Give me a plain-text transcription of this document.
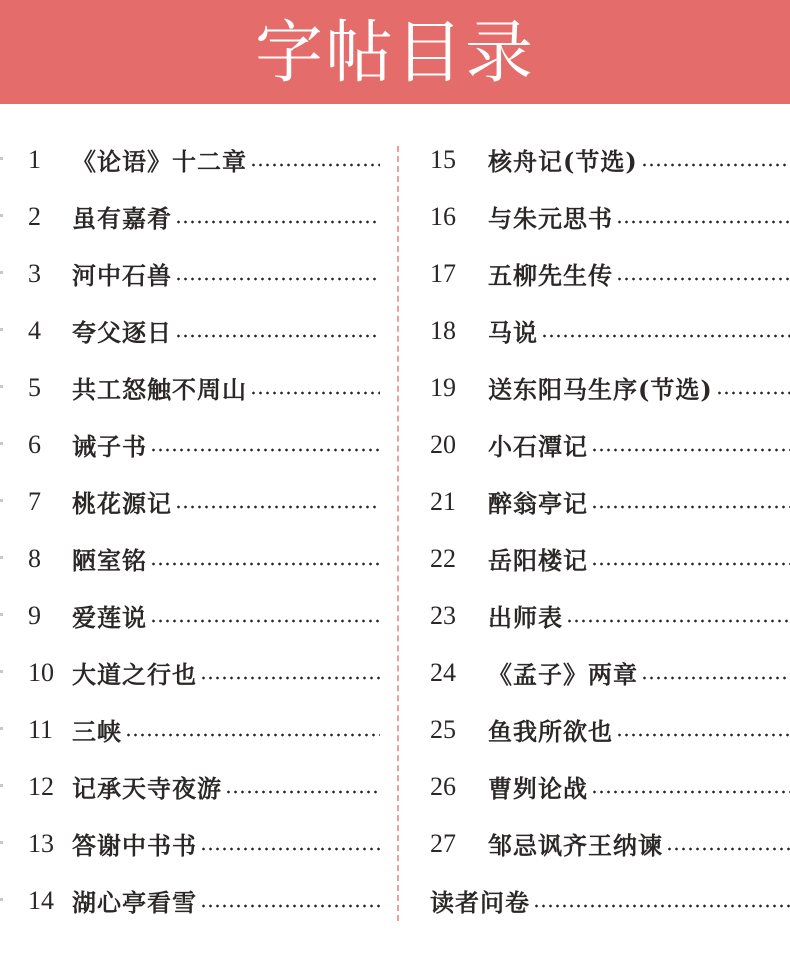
字帖目录
1	《论语》十二章
2	虽有嘉肴
3	河中石兽
4	夸父逐日
5	共工怒触不周山
6	诫子书
7	桃花源记
8	陋室铭
9	爱莲说
10 大道之行也
11 三峡
12 记承天寺夜游
13 答谢中书书
14 湖心亭看雪
15	核舟记(节选)
16	与朱元思书
17	五柳先生传
18	马说
19	送东阳马生序(节选)
20	小石潭记
21	醉翁亭记
22	岳阳楼记
23	出师表
24	《孟子》两章
25	鱼我所欲也
26	曹刿论战
27	邹忌讽齐王纳谏
读者问卷
